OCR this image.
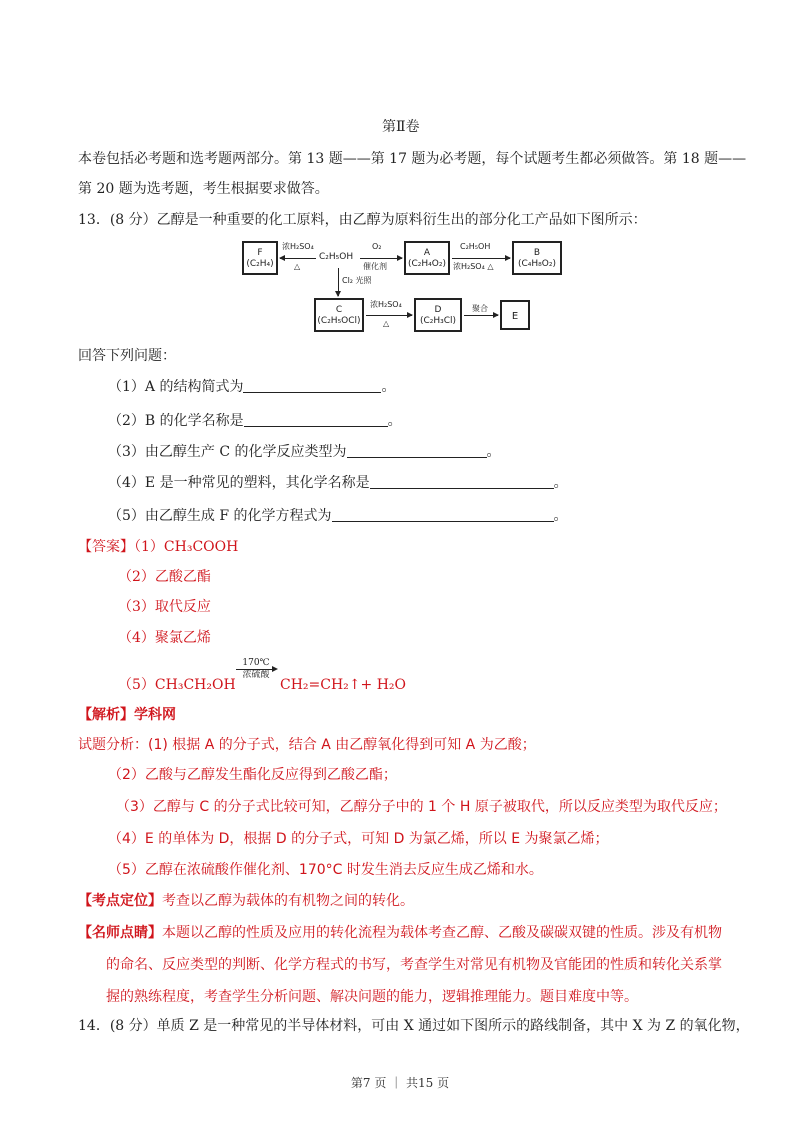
第Ⅱ卷
本卷包括必考题和选考题两部分。第 13 题——第 17 题为必考题，每个试题考生都必须做答。第 18 题——
第 20 题为选考题，考生根据要求做答。
13．(8 分）乙醇是一种重要的化工原料，由乙醇为原料衍生出的部分化工产品如下图所示：
F
(C₂H₄)
浓H₂SO₄
△
C₂H₅OH
O₂
催化剂
A
(C₂H₄O₂)
C₂H₅OH
浓H₂SO₄ △
B
(C₄H₈O₂)
Cl₂ 光照
C
(C₂H₅OCl)
浓H₂SO₄
△
D
(C₂H₃Cl)
聚合
E
回答下列问题：
（1）A 的结构简式为	。
（2）B 的化学名称是	。
（3）由乙醇生产 C 的化学反应类型为	。
（4）E 是一种常见的塑料，其化学名称是	。
（5）由乙醇生成 F 的化学方程式为	。
【答案】（1）CH₃COOH
（2）乙酸乙酯
（3）取代反应
（4）聚氯乙烯
（5）CH₃CH₂OH
170℃
浓硫酸
CH₂=CH₂↑+ H₂O
【解析】学科网
试题分析：(1) 根据 A 的分子式，结合 A 由乙醇氧化得到可知 A 为乙酸；
（2）乙酸与乙醇发生酯化反应得到乙酸乙酯；
（3）乙醇与 C 的分子式比较可知，乙醇分子中的 1 个 H 原子被取代，所以反应类型为取代反应；
（4）E 的单体为 D，根据 D 的分子式，可知 D 为氯乙烯，所以 E 为聚氯乙烯；
（5）乙醇在浓硫酸作催化剂、170°C 时发生消去反应生成乙烯和水。
【考点定位】考查以乙醇为载体的有机物之间的转化。
【名师点睛】本题以乙醇的性质及应用的转化流程为载体考查乙醇、乙酸及碳碳双键的性质。涉及有机物
的命名、反应类型的判断、化学方程式的书写，考查学生对常见有机物及官能团的性质和转化关系掌
握的熟练程度，考查学生分析问题、解决问题的能力，逻辑推理能力。题目难度中等。
14．(8 分）单质 Z 是一种常见的半导体材料，可由 X 通过如下图所示的路线制备，其中 X 为 Z 的氧化物，
第7 页 ｜ 共15 页
